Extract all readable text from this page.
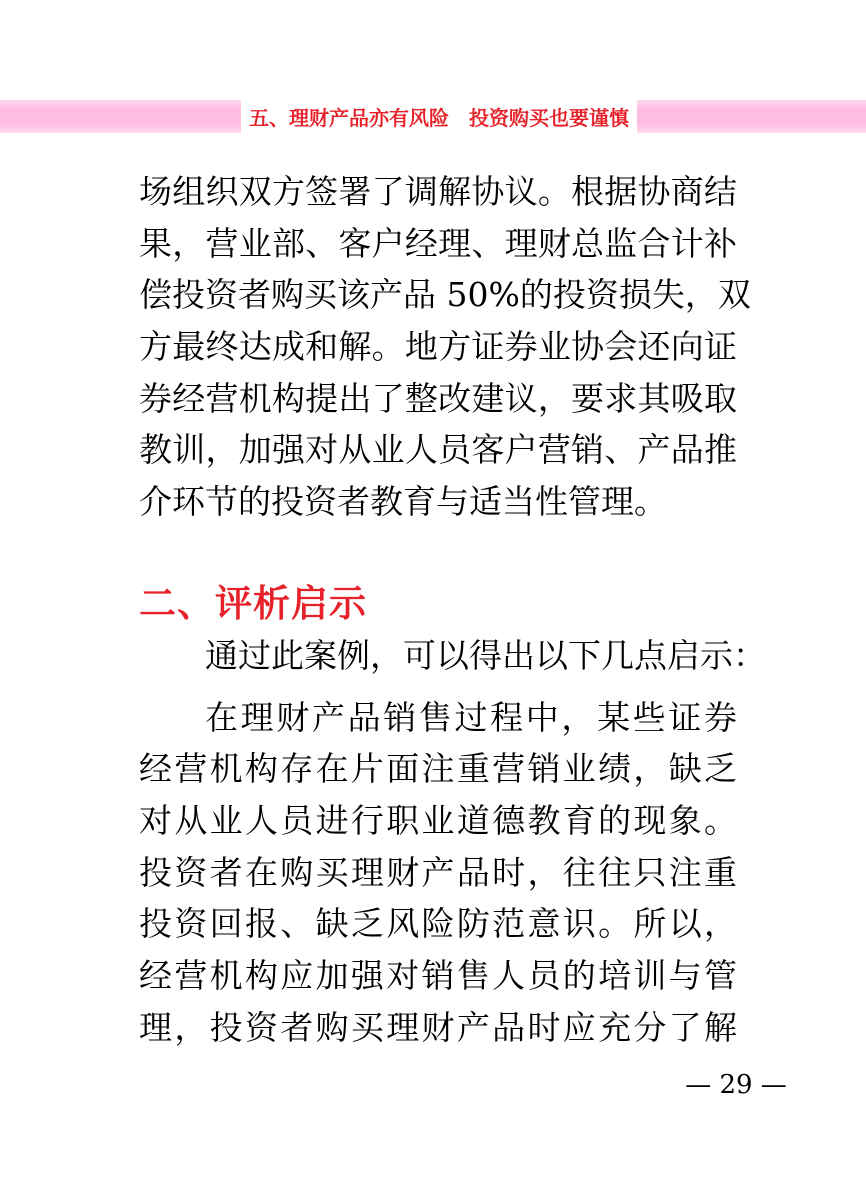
五、理财产品亦有风险　投资购买也要谨慎
场组织双方签署了调解协议。根据协商结
果，营业部、客户经理、理财总监合计补
偿投资者购买该产品 50%的投资损失，双
方最终达成和解。地方证券业协会还向证
券经营机构提出了整改建议，要求其吸取
教训，加强对从业人员客户营销、产品推
介环节的投资者教育与适当性管理。
二、评析启示
通过此案例，可以得出以下几点启示：
在理财产品销售过程中，某些证券
经营机构存在片面注重营销业绩，缺乏
对从业人员进行职业道德教育的现象。
投资者在购买理财产品时，往往只注重
投资回报、缺乏风险防范意识。所以，
经营机构应加强对销售人员的培训与管
理，投资者购买理财产品时应充分了解
— 29 —
